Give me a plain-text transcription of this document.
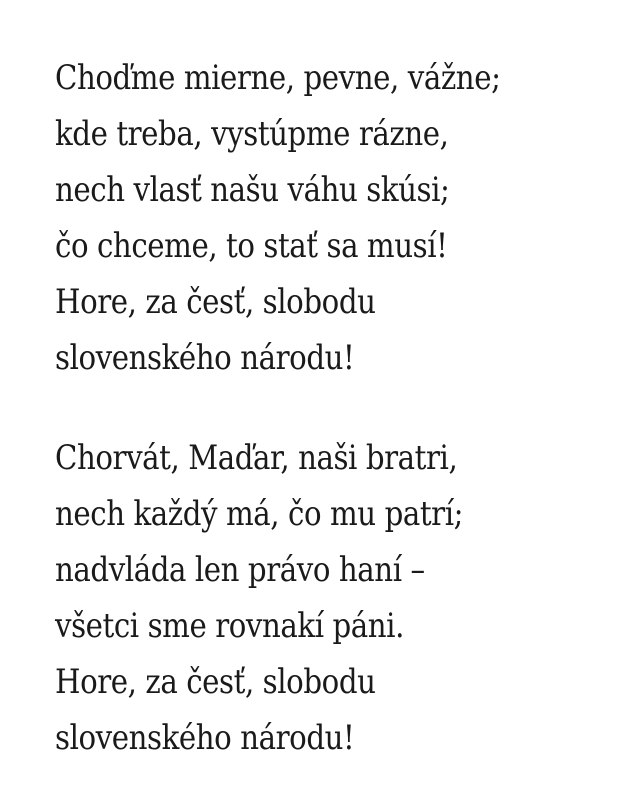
Choďme mierne, pevne, vážne;
kde treba, vystúpme rázne,
nech vlasť našu váhu skúsi;
čo chceme, to stať sa musí!
Hore, za česť, slobodu
slovenského národu!
Chorvát, Maďar, naši bratri,
nech každý má, čo mu patrí;
nadvláda len právo haní –
všetci sme rovnakí páni.
Hore, za česť, slobodu
slovenského národu!
